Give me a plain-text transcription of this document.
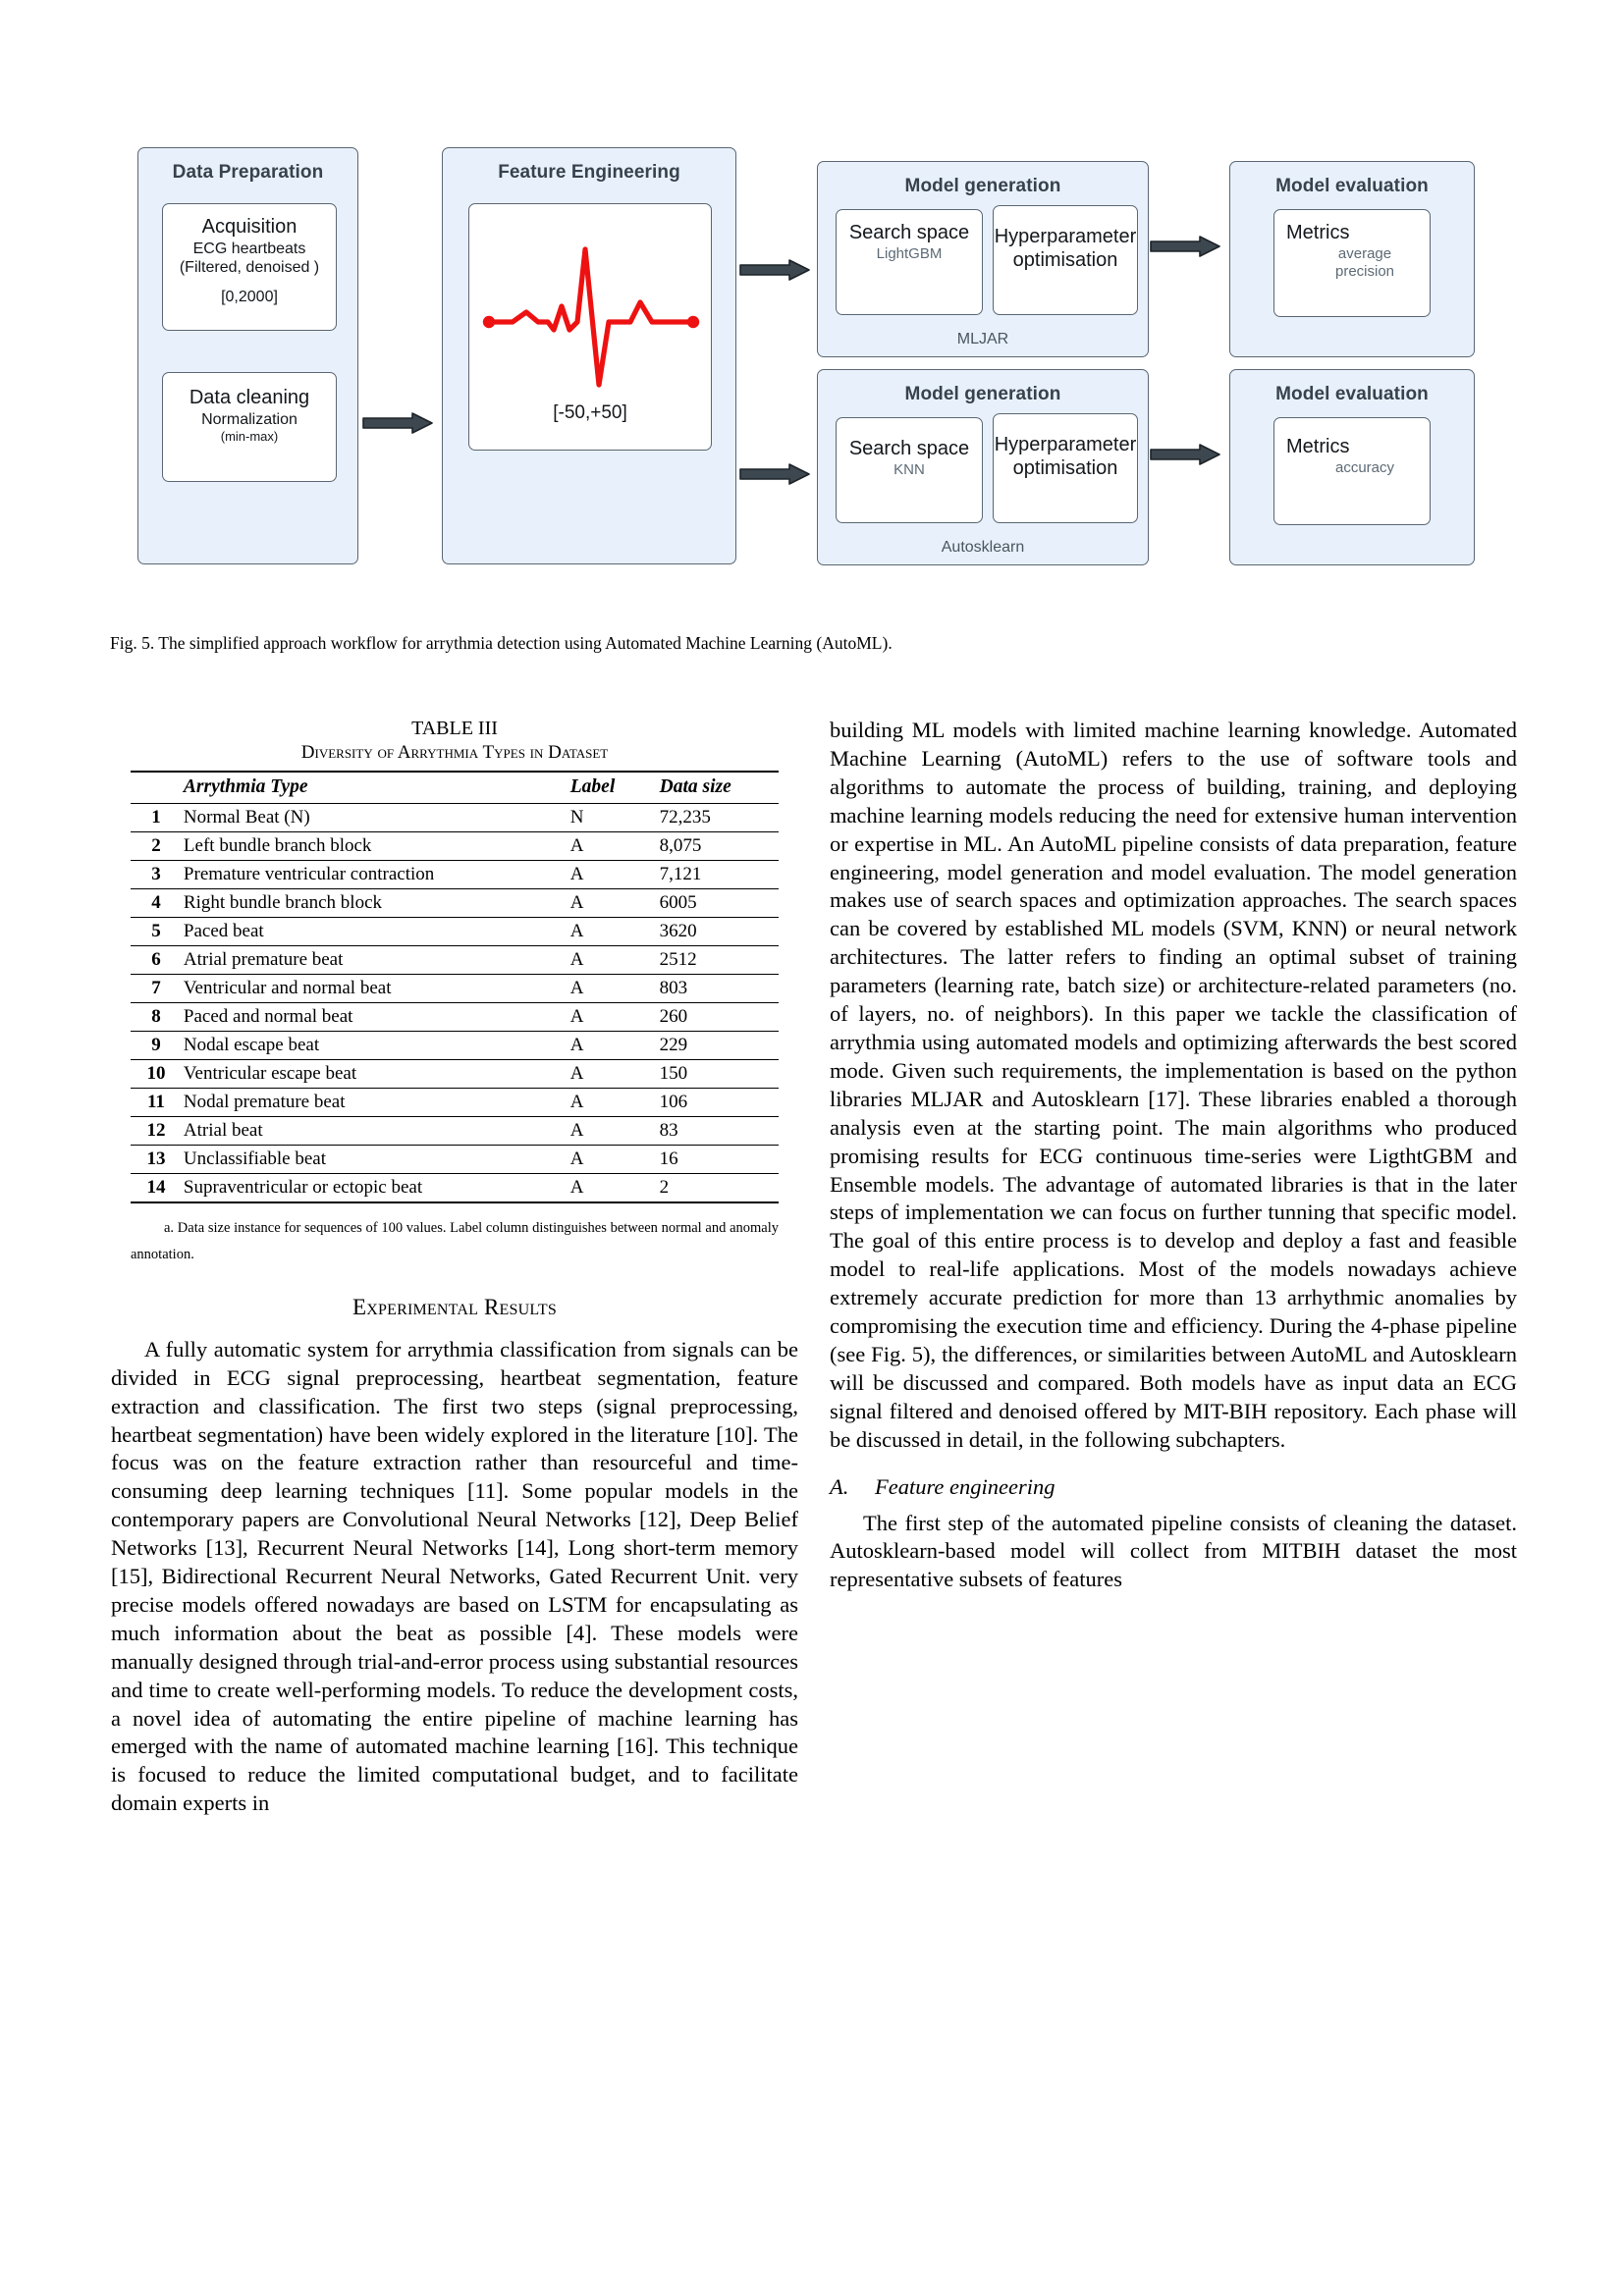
Data Preparation
Acquisition
ECG heartbeats
(Filtered, denoised )
[0,2000]
Data cleaning
Normalization
(min-max)
Feature Engineering
[-50,+50]
Model generation
Search space
LightGBM
Hyperparameter
optimisation
MLJAR
Model generation
Search space
KNN
Hyperparameter
optimisation
Autosklearn
Model evaluation
Metrics
average
precision
Model evaluation
Metrics
accuracy
Fig. 5. The simplified approach workflow for arrythmia detection using Automated Machine Learning (AutoML).
TABLE III
Diversity of Arrythmia Types in Dataset
	Arrythmia Type	Label	Data size
1	Normal Beat (N)	N	72,235
2	Left bundle branch block	A	8,075
3	Premature ventricular contraction	A	7,121
4	Right bundle branch block	A	6005
5	Paced beat	A	3620
6	Atrial premature beat	A	2512
7	Ventricular and normal beat	A	803
8	Paced and normal beat	A	260
9	Nodal escape beat	A	229
10	Ventricular escape beat	A	150
11	Nodal premature beat	A	106
12	Atrial beat	A	83
13	Unclassifiable beat	A	16
14	Supraventricular or ectopic beat	A	2

a. Data size instance for sequences of 100 values. Label column distinguishes between normal and anomaly annotation.

Experimental Results

A fully automatic system for arrythmia classification from signals can be divided in ECG signal preprocessing, heartbeat segmentation, feature extraction and classification. The first two steps (signal preprocessing, heartbeat segmentation) have been widely explored in the literature [10]. The focus was on the feature extraction rather than resourceful and time-consuming deep learning techniques [11]. Some popular models in the contemporary papers are Convolutional Neural Networks [12], Deep Belief Networks [13], Recurrent Neural Networks [14], Long short-term memory [15], Bidirectional Recurrent Neural Networks, Gated Recurrent Unit. very precise models offered nowadays are based on LSTM for encapsulating as much information about the beat as possible [4]. These models were manually designed through trial-and-error process using substantial resources and time to create well-performing models. To reduce the development costs, a novel idea of automating the entire pipeline of machine learning has emerged with the name of automated machine learning [16]. This technique is focused to reduce the limited computational budget, and to facilitate domain experts in

building ML models with limited machine learning knowledge. Automated Machine Learning (AutoML) refers to the use of software tools and algorithms to automate the process of building, training, and deploying machine learning models reducing the need for extensive human intervention or expertise in ML. An AutoML pipeline consists of data preparation, feature engineering, model generation and model evaluation. The model generation makes use of search spaces and optimization approaches. The search spaces can be covered by established ML models (SVM, KNN) or neural network architectures. The latter refers to finding an optimal subset of training parameters (learning rate, batch size) or architecture-related parameters (no. of layers, no. of neighbors). In this paper we tackle the classification of arrythmia using automated models and optimizing afterwards the best scored mode. Given such requirements, the implementation is based on the python libraries MLJAR and Autosklearn [17]. These libraries enabled a thorough analysis even at the starting point. The main algorithms who produced promising results for ECG continuous time-series were LigthtGBM and Ensemble models. The advantage of automated libraries is that in the later steps of implementation we can focus on further tunning that specific model. The goal of this entire process is to develop and deploy a fast and feasible model to real-life applications. Most of the models nowadays achieve extremely accurate prediction for more than 13 arrhythmic anomalies by compromising the execution time and efficiency. During the 4-phase pipeline (see Fig. 5), the differences, or similarities between AutoML and Autosklearn will be discussed and compared. Both models have as input data an ECG signal filtered and denoised offered by MIT-BIH repository. Each phase will be discussed in detail, in the following subchapters.

A. Feature engineering

The first step of the automated pipeline consists of cleaning the dataset. Autosklearn-based model will collect from MITBIH dataset the most representative subsets of features
